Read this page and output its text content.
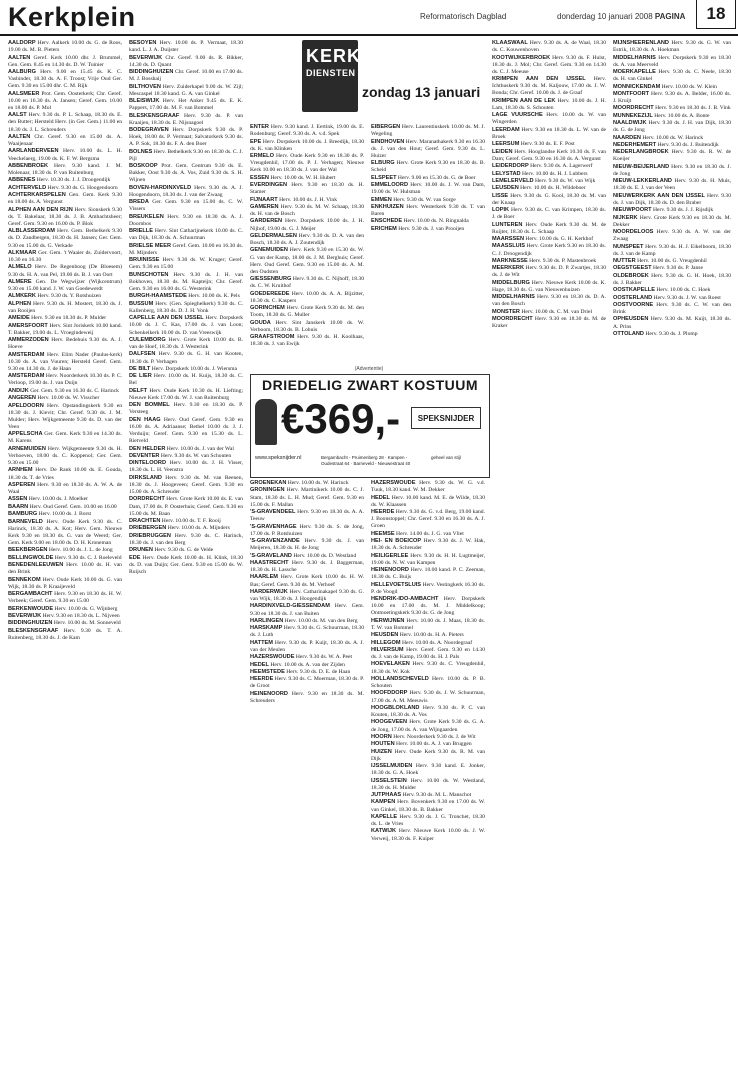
Kerkplein	Reformatorisch Dagblad	donderdag 10 januari 2008 PAGINA	18
KERK
DIENSTEN
zondag 13 januari
(Advertentie)
DRIEDELIG ZWART KOSTUUM
€369,-	SPEKSNIJDER
www.speksnijder.nl	Bergambacht - Pruimenberg 28 · Kampen - Oudestraat 64 · Barneveld - Nieuwestraat 40
geheel van stijl

AALDORP Herv. Aalkerk 10.00 ds. G. de Roos, 19.00 ds. M. B. Pieters

AALTEN Geref. Kerk 10.00 dhr. J. Brummel, Gen. Gem. 8.45 en 14.30 ds. D. W. Tuinier

AALBURG Herv. 9.00 en 15.45 ds. K. C. Vasbinder, 18.30 ds. A. F. Troost; Vrije Oud Ger. Gem. 9.30 en 15.00 dhr. C. M. Rijk

AALSMEER Prot. Gem. Oosterkerk; Chr. Geref. 10.00 en 16.30 ds. A. Jansen; Geref. Gem. 10.00 en 18.00 ds. P. Mol

AALST Herv. 9.30 ds. P. L. Schaap, 18.30 ds. E. den Butter; Hersteld Herv. (in Ger. Gem.) 11.00 en 18.30 ds. J. L. Schreuders

AALTEN Chr. Geref. 9.30 en 15.00 ds. A. Waaijenaar

AARLANDERVEEN Herv. 10.00 ds. L. H. Veeckelaerg, 19.00 ds. K. F. W. Bergsma

ABBENBROEK Herv. 9.30 kand. J. M. Molenaar, 18.30 ds. P. van Ruitenburg

ABBENES Herv. 10.30 ds. J. J. Droogendijk

ACHTERVELD Herv. 9.30 ds. G. Hoogendoorn

ACHTERKARSPELEN Gen. Gem. Kerk 9.30 en 18.00 ds. A. Vergunst

ALPHEN AAN DEN RIJN Herv. Sionskerk 9.30 ds. T. Bakelaar, 18.30 ds. J. B. Ambachtsheer; Geref. Gem. 9.30 en 16.00 ds. P. Blok

ALBLASSERDAM Herv. Gem. Bethelkerk 9.30 ds. D. Zandbergen, 18.30 ds. H. Jansen; Ger. Gem. 9.30 en 15.00 ds. G. Verkade

ALKMAAR Ger. Gem. 't Waaier ds. Zuidervoort, 10.30 en 16.30

ALMELO Herv. De Regenboog (De Bloesem) 9.30 ds. H. A. van Pel, 19.00 ds. B. J. van Oort

ALMERE Gen. De Wegwijzer (Wijkcentrum) 9.30 en 15.00 kand. J. W. van Goedewerdt

ALMKERK Herv. 9.30 ds. Y. Rotshuizen

ALPHEN Herv. 9.30 ds. H. Mostert, 18.30 ds. J. van Rooijen

AMEIDE Herv. 9.30 en 18.30 ds. P. Mulder

AMERSFOORT Herv. Sint Joriskerk 10.00 kand. T. Bakker, 19.00 ds. L. Vroegindeweij

AMMERZODEN Herv. Bedehuis 9.30 ds. A. J. Hoeve

AMSTERDAM Herv. Elim Nader (Paulus-kerk) 10.30 ds. A. van Vuuren; Hersteld Geref. Gem. 9.30 en 14.30 ds. J. de Haan

AMSTERDAM Herv. Noorderkerk 10.30 ds. P. C. Verloop, 19.00 ds. J. van Duijn

ANDIJK Ger. Gem. 9.30 en 16.30 ds. C. Harinck

ANGEREN Herv. 10.00 ds. W. Visscher

APELDOORN Herv. Opstandingskerk 9.30 en 18.30 ds. J. Kievit; Chr. Geref. 9.30 ds. J. M. Mulder; Herv. Wijkgemeente 9.30 ds. D. van der Veen

APPELSCHA Ger. Gem. Kerk 9.30 en 14.30 ds. M. Karens

ARNEMUIDEN Herv. Wijkgemeente 9.30 ds. H. Verhoeven, 18.00 ds. C. Koppenol; Ger. Gem. 9.30 en 15.00

ARNHEM Herv. De Rank 10.00 ds. E. Gouda, 18.30 ds. T. de Vries

ASPEREN Herv. 9.30 en 18.30 ds. A. W. A. de Waal

ASSEN Herv. 10.00 ds. J. Moelker

BAARN Herv. Oud Geref. Gem. 10.00 en 16.00

BAMBURG Herv. 10.00 ds. J. Borst

BARNEVELD Herv. Oude Kerk 9.30 ds. C. Harinck, 18.30 ds. A. Kot; Herv. Gem. Nieuwe Kerk 9.30 en 18.30 ds. G. van de Weerd; Ger. Gem. Kerk 9.00 en 18.00 ds. D. H. Kroneman

BEEKBERGEN Herv. 10.00 ds. J. L. de Jong

BELLINGWOLDE Herv. 9.30 ds. C. J. Roeleveld

BENEDENLEEUWEN Herv. 10.00 ds. H. van den Brink

BENNEKOM Herv. Oude Kerk 10.00 ds. G. van Wijk, 18.30 ds. P. Kraaijeveld

BERGAMBACHT Herv. 9.30 en 18.30 ds. H. W. Verbeek; Geref. Gem. 9.30 en 15.00

BERKENWOUDE Herv. 10.00 ds. G. Wijnberg

BEVERWIJK Herv. 9.30 en 18.30 ds. L. Nijveen

BIDDINGHUIZEN Herv. 10.00 ds. M. Sonneveld

BLESKENSGRAAF Herv. 9.30 ds. T. A. Ruitenberg, 18.30 ds. J. de Kam

BESOYEN Herv. 10.00 ds. P. Vermaat, 18.30 kand. L. J. A. Duijster

BEVERWIJK Chr. Geref. 9.00 ds. R. Bikker, 14.30 ds. D. Quant

BIDDINGHUIZEN Chr. Geref. 10.00 en 17.00 ds. M. J. Bosshaij

BILTHOVEN Herv. Zuiderkapel 9.00 ds. W. Zijl; Mescaspel 18.30 kand. G. A. van Ginkel

BLEISWIJK Herv. Het Anker 9.45 ds. E. K. Pappers, 17.00 ds. M. F. van Bommel

BLESKENSGRAAF Herv. 9.30 ds. P. van Kraaijen, 18.30 ds. E. Nijsnagoel

BODEGRAVEN Herv. Dorpskerk 9.30 ds. P. Hoek, 18.00 ds. P. Vermaat; Salvatorkerk 9.30 ds. A. P. Sok, 18.30 ds. F. A. den Boer

BOLNES Herv. Bethelkerk 9.30 en 18.30 ds. C. J. Pijl

BOSKOOP Prot. Gem. Centrum 9.30 ds. E. Bakker, Oost 9.30 ds. A. Vos, Zuid 9.30 ds. S. H. Wijnen

BOVEN-HARDINXVELD Herv. 9.30 ds. A. J. Hoogendoorn, 18.30 ds. J. van der Zwaag

BREDA Ger. Gem. 9.30 en 15.00 ds. C. W. Vissers

BREUKELEN Herv. 9.30 en 18.30 ds. A. J. Doornbos

BRIELLE Herv. Sint Catharijnekerk 10.00 ds. C. van Dijk, 18.30 ds. A. Schuurman

BRIELSE MEER Geref. Gem. 10.00 en 16.30 ds. M. Mijnders

BRUINISSE Herv. 9.30 ds. W. Kruger; Geref. Gem. 9.30 en 15.00

BUNSCHOTEN Herv. 9.30 ds. J. H. van Bokhoven, 18.30 ds. M. Kapteijn; Chr. Geref. Gem. 9.30 en 16.00 ds. G. Westerink

BURGH-HAAMSTEDE Herv. 10.00 ds. K. Pels

BUSSUM Herv. (Gen. Spieghelkerk) 9.30 ds. C. Kallenberg, 18.30 ds. D. J. H. Vonk

CAPELLE AAN DEN IJSSEL Herv. Dorpskerk 10.00 ds. J. C. Kas, 17.00 ds. J. van Loon; Schenkelkerk 10.00 ds. D. van Vreeswijk

CULEMBORG Herv. Grote Kerk 10.00 ds. B. van de Hoef, 18.30 ds. J. Westerink

DALFSEN Herv. 9.30 ds. G. H. van Kooten, 18.30 ds. P. Verhagen

DE BILT Herv. Dorpskerk 10.00 ds. J. Wiersma

DE LIER Herv. 10.00 ds. H. Kuijs, 18.30 ds. C. Bel

DELFT Herv. Oude Kerk 10.30 ds. H. Liefting; Nieuwe Kerk 17.00 ds. W. J. van Ruitenburg

DEN BOMMEL Herv. 9.30 en 18.30 ds. P. Versteeg

DEN HAAG Herv. Oud Geref. Gem. 9.30 en 16.00 ds. A. Adriaanse; Bethel 10.00 ds. J. J. Verduijn; Geref. Gem. 9.30 en 15.30 ds. L. Rietveld

DEN HELDER Herv. 10.00 ds. J. van der Wal

DEVENTER Herv. 9.30 ds. W. van Schouten

DINTELOORD Herv. 10.00 ds. J. H. Visser, 18.30 ds. L. H. Veenstra

DIRKSLAND Herv. 9.30 ds. M. van Reenen, 18.30 ds. J. Hoogeveen; Geref. Gem. 9.30 en 15.00 ds. A. Schreuder

DORDRECHT Herv. Grote Kerk 10.00 ds. E. van Dam, 17.00 ds. P. Oosterhuis; Geref. Gem. 9.30 en 15.00 ds. M. Baan

DRACHTEN Herv. 10.00 ds. T. F. Rooij

DRIEBERGEN Herv. 10.00 ds. A. Mijnders

DRIEBRUGGEN Herv. 9.30 ds. C. Harinck, 18.30 ds. J. van den Berg

DRUNEN Herv. 9.30 ds. G. de Velde

EDE Herv. Oude Kerk 10.00 ds. H. Klink, 18.30 ds. D. van Duijn; Ger. Gem. 9.30 en 15.00 ds. W. Ruijsch

ENTER Herv. 9.30 kand. J. Eertink, 19.00 ds. E. Rodenburg; Geref. 9.30 ds. A. v.d. Spek

EPE Herv. Dorpskerk 10.00 ds. J. Breedijk, 18.30 ds. K. van Klinken

ERMELO Herv. Oude Kerk 9.30 en 18.30 ds. P. Vreugdenhil, 17.00 ds. P. J. Verhagen; Nieuwe Kerk 10.00 en 18.30 ds. J. van der Wal

ESSEN Herv. 10.00 ds. W. H. Hubert

EVERDINGEN Herv. 9.30 en 18.30 ds. H. Stamer

FIJNAART Herv. 10.00 ds. J. H. Vink

GAMEREN Herv. 9.30 ds. M. W. Schaap, 18.30 ds. H. van de Bosch

GARDEREN Herv. Dorpskerk 10.00 ds. J. H. Nijhof, 19.00 ds. G. J. Meijer

GELDERMALSEN Herv. 9.30 ds. D. A. van den Bosch, 18.30 ds. A. J. Zoutendijk

GENEMUIDEN Herv. Kerk 9.30 en 15.30 ds. W. G. van der Kamp, 18.00 ds. J. M. Berghuis; Geref. Herv. Oud Geref. Gem. 9.30 en 15.00 ds. A. M. den Oudsten

GIESSENBURG Herv. 9.30 ds. C. Nijhoff, 18.30 ds. C. W. Kruithof

GOEDEREEDE Herv. 10.00 ds. A. A. Bijzitter, 18.30 ds. C. Kaspers

GORINCHEM Herv. Grote Kerk 9.30 ds. M. den Toom, 18.30 ds. G. Muller

GOUDA Herv. Sint Janskerk 10.00 ds. W. Verboom, 18.30 ds. B. Lohuis

GRAAFSTROOM Herv. 9.30 ds. H. Koolhaas, 18.30 ds. J. van Ewijk

EIBERGEN Herv. Laurentiuskerk 10.00 ds. M. J. Wegeling

EINDHOVEN Herv. Maranathakerk 9.30 en 16.30 ds. J. van den Hout; Geref. Gem. 9.30 ds. L. Huizer

ELBURG Herv. Grote Kerk 9.30 en 18.30 ds. B. Scheid

ELSPEET Herv. 9.00 en 15.30 ds. G. de Boer

EMMELOORD Herv. 10.00 ds. J. W. van Dam, 19.00 ds. W. Hulsman

EMMEN Herv. 9.30 ds. W. van Sorge

ENKHUIZEN Herv. Westerkerk 9.30 ds. T. van Baren

ENSCHEDE Herv. 10.00 ds. N. Ringnalda

ERICHEM Herv. 9.30 ds. J. van Prooijen

GROENEKAN Herv. 10.00 ds. W. Harinck

GRONINGEN Herv. Martinikerk 10.00 ds. C. J. Stam, 18.30 ds. L. H. Mud; Geref. Gem. 9.30 en 15.00 ds. F. Mallan

'S-GRAVENDEEL Herv. 9.30 en 18.30 ds. A. A. Teeuw

'S-GRAVENHAGE Herv. 9.30 ds. S. de Jong, 17.00 ds. P. Rotshuizen

'S-GRAVENZANDE Herv. 9.30 ds. J. van Meijeren, 18.30 ds. H. de Jong

'S-GRAVELAND Herv. 10.00 ds. D. Westland

HAASTRECHT Herv. 9.30 ds. J. Baggerman, 18.30 ds. H. Lassche

HAARLEM Herv. Grote Kerk 10.00 ds. H. W. Bas; Geref. Gem. 9.30 ds. M. Verhoef

HARDERWIJK Herv. Catharinakapel 9.30 ds. G. van Wijk, 18.30 ds. J. Hoogendijk

HARDINXVELD-GIESSENDAM Herv. Gem. 9.30 en 18.30 ds. J. van Buiten

HARLINGEN Herv. 10.00 ds. M. van den Berg

HARSKAMP Herv. 9.30 ds. G. Schuurman, 18.30 ds. J. Luth

HATTEM Herv. 9.30 ds. P. Kuijt, 18.30 ds. A. J. van der Meulen

HAZERSWOUDE Herv. 9.30 ds. W. A. Peet

HEDEL Herv. 10.00 ds. A. van der Zijden

HEEMSTEDE Herv. 9.30 ds. D. E. de Haan

HEERDE Herv. 9.30 ds. C. Moerman, 18.30 ds. P. de Groot

HEINENOORD Herv. 9.30 en 18.30 ds. M. Schreuders

HAZERSWOUDE Herv. 9.30 ds. W. G. v.d. Tuuk, 18.30 kand. W. M. Dekker

HEDEL Herv. 10.00 kand. M. E. de Wilde, 18.30 ds. W. Klaassen

HEERDE Herv. 9.30 ds. G. v.d. Berg, 19.00 kand. J. Boonstoppel; Chr. Geref. 9.30 en 16.30 ds. A. J. Groen

HEEMSE Herv. 14.00 ds. J. G. van Vliet

HEI- EN BOEICOP Herv. 9.30 ds. J. W. Hak, 18.30 ds. A. Schreuder

HEILIGERLEE Herv. 9.30 ds. H. H. Lugtmeijer, 19.00 ds. N. W. van Kampen

HEINENOORD Herv. 10.00 kand. P. C. Zeeman, 18.30 ds. C. Buijs

HELLEVOETSLUIS Herv. Vestingkerk 16.30 ds. P. de Voogd

HENDRIK-IDO-AMBACHT Herv. Dorpskerk 10.00 en 17.00 ds. M. J. Middelkoop; Ontmoetingskerk 9.30 ds. G. de Jong

HERWIJNEN Herv. 10.00 ds. J. Maas, 18.30 ds. T. W. van Bommel

HEUSDEN Herv. 10.00 ds. H. A. Pieters

HILLEGOM Herv. 10.00 ds. A. Noordegraaf

HILVERSUM Herv. Geref. Gem. 9.30 en 14.30 ds. J. van de Kamp, 19.00 ds. H. J. Pals

HOEVELAKEN Herv. 9.30 ds. C. Vreugdenhil, 18.30 ds. W. Kok

HOLLANDSCHEVELD Herv. 10.00 ds. P. B. Schouten

HOOFDDORP Herv. 9.30 ds. J. W. Schuurman, 17.00 ds. A. M. Meeuwis

HOOGBLOKLAND Herv. 9.30 ds. P. C. van Kouten, 18.30 ds. A. Vos

HOOGEVEEN Herv. Grote Kerk 9.30 ds. G. A. de Jong, 17.00 ds. A. van Wijngaarden

HOORN Herv. Noorderkerk 9.30 ds. J. de Wit

HOUTEN Herv. 10.00 ds. A. J. van Bruggen

HUIZEN Herv. Oude Kerk 9.30 ds. R. M. van Dijk

IJSSELMUIDEN Herv. 9.30 kand. E. Jonker, 18.30 ds. G. A. Hoek

IJSSELSTEIN Herv. 10.00 ds. W. Westland, 18.30 ds. H. Mulder

JUTPHAAS Herv. 9.30 ds. M. L. Manschot

KAMPEN Herv. Bovenkerk 9.30 en 17.00 ds. W. van Ginkel, 18.30 ds. B. Bakker

KAPELLE Herv. 9.30 ds. J. G. Tronchet, 18.30 ds. L. de Vries

KATWIJK Herv. Nieuwe Kerk 10.00 ds. J. W. Verweij, 18.30 ds. F. Kuiper

KLAASWAAL Herv. 9.30 ds. A. de Waal, 18.30 ds. C. Kouwenhoven

KOOTWIJKERBROEK Herv. 9.30 ds. F. Hulst, 18.30 ds. J. Mol; Chr. Geref. Gem. 9.30 en 14.30 ds. C. J. Meeuse

KRIMPEN AAN DEN IJSSEL Herv. Ichthuskerk 9.30 ds. M. Kaljouw, 17.00 ds. J. W. Bonda; Chr. Geref. 10.00 ds. J. de Graaf

KRIMPEN AAN DE LEK Herv. 10.00 ds. J. H. Lam, 18.30 ds. S. Schouten

LAGE VUURSCHE Herv. 10.00 ds. W. van Wingerden

LEERDAM Herv. 9.30 en 18.30 ds. L. W. van de Broek

LEERSUM Herv. 9.30 ds. E. F. Post

LEIDEN Herv. Hooglandse Kerk 10.30 ds. F. van Dam; Geref. Gem. 9.30 en 16.30 ds. A. Vergunst

LEIDERDORP Herv. 9.30 ds. A. Lagerwerf

LELYSTAD Herv. 10.00 ds. H. J. Lubbers

LEMELERVELD Herv. 9.30 ds. W. van Wijk

LEUSDEN Herv. 10.00 ds. H. Wildeboer

LISSE Herv. 9.30 ds. G. Kool, 18.30 ds. M. van der Knaap

LOPIK Herv. 9.30 ds. C. van Krimpen, 18.30 ds. J. de Boer

LUNTEREN Herv. Oude Kerk 9.30 ds. M. de Ruijter, 18.30 ds. L. Schaap

MAARSSEN Herv. 10.00 ds. G. H. Kerkhof

MAASSLUIS Herv. Grote Kerk 9.30 en 18.30 ds. C. J. Droogendijk

MARKNESSE Herv. 9.30 ds. P. Mastenbroek

MEERKERK Herv. 9.30 ds. D. P. Zwartjes, 18.30 ds. J. de Wit

MIDDELBURG Herv. Nieuwe Kerk 10.00 ds. K. Hage, 18.30 ds. G. van Nieuwenhuizen

MIDDELHARNIS Herv. 9.30 en 18.30 ds. D. A. van den Bosch

MONSTER Herv. 10.00 ds. C. M. van Driel

MOORDRECHT Herv. 9.30 en 18.30 ds. M. de Kraker

MIJNSHEERENLAND Herv. 9.30 ds. G. W. van Estrik, 18.30 ds. A. Hoekman

MIDDELHARNIS Herv. Dorpskerk 9.30 en 18.30 ds. A. van Meerveld

MOERKAPELLE Herv. 9.30 ds. C. Neele, 18.30 ds. H. van Ginkel

MONNICKENDAM Herv. 10.00 ds. W. Klein

MONTFOORT Herv. 9.30 ds. A. Belder, 16.00 ds. J. Kruijt

MOORDRECHT Herv. 9.30 en 18.30 ds. J. B. Vink

MUNNEKEZIJL Herv. 10.00 ds. A. Bonte

NAALDWIJK Herv. 9.30 ds. J. H. van Dijk, 18.30 ds. G. de Jong

NAARDEN Herv. 10.00 ds. W. Harinck

NEDERHEMERT Herv. 9.30 ds. J. Buitendijk

NEDERLANGBROEK Herv. 9.30 ds. R. W. de Koeijer

NIEUW-BEIJERLAND Herv. 9.30 en 18.30 ds. J. de Jong

NIEUW-LEKKERLAND Herv. 9.30 ds. H. Muis, 18.30 ds. E. J. van der Veen

NIEUWERKERK AAN DEN IJSSEL Herv. 9.30 ds. J. van Dijk, 18.30 ds. D. den Braber

NIEUWPOORT Herv. 9.30 ds. J. J. Rijsdijk

NIJKERK Herv. Grote Kerk 9.30 en 18.30 ds. M. Dekker

NOORDELOOS Herv. 9.30 ds. A. W. van der Zwaag

NUNSPEET Herv. 9.30 ds. H. J. Eikelboom, 18.30 ds. J. van de Kamp

NUTTER Herv. 10.00 ds. G. Vreugdenhil

OEGSTGEEST Herv. 9.30 ds. P. Janse

OLDEBROEK Herv. 9.30 ds. G. H. Hoek, 18.30 ds. J. Bakker

OOSTKAPELLE Herv. 10.00 ds. C. Hoek

OOSTERLAND Herv. 9.30 ds. J. W. van Roest

OOSTVOORNE Herv. 9.30 ds. C. W. van den Brink

OPHEUSDEN Herv. 9.30 ds. M. Kuijt, 18.30 ds. A. Prins

OTTOLAND Herv. 9.30 ds. J. Plomp
